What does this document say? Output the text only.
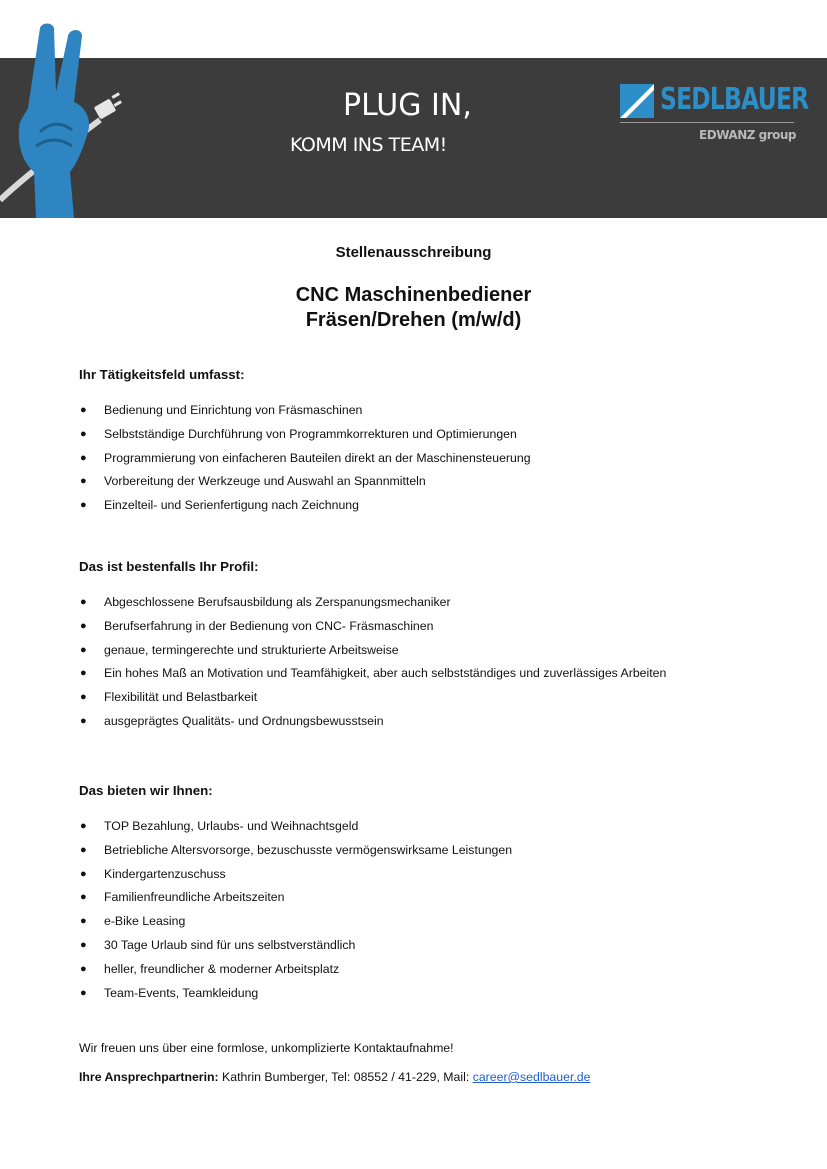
PLUG IN,
KOMM INS TEAM!
SEDLBAUER
EDWANZ group
Stellenausschreibung
CNC Maschinenbediener
Fräsen/Drehen (m/w/d)
Ihr Tätigkeitsfeld umfasst:
● Bedienung und Einrichtung von Fräsmaschinen
● Selbstständige Durchführung von Programmkorrekturen und Optimierungen
● Programmierung von einfacheren Bauteilen direkt an der Maschinensteuerung
● Vorbereitung der Werkzeuge und Auswahl an Spannmitteln
● Einzelteil- und Serienfertigung nach Zeichnung
Das ist bestenfalls Ihr Profil:
● Abgeschlossene Berufsausbildung als Zerspanungsmechaniker
● Berufserfahrung in der Bedienung von CNC- Fräsmaschinen
● genaue, termingerechte und strukturierte Arbeitsweise
● Ein hohes Maß an Motivation und Teamfähigkeit, aber auch selbstständiges und zuverlässiges Arbeiten
● Flexibilität und Belastbarkeit
● ausgeprägtes Qualitäts- und Ordnungsbewusstsein
Das bieten wir Ihnen:
● TOP Bezahlung, Urlaubs- und Weihnachtsgeld
● Betriebliche Altersvorsorge, bezuschusste vermögenswirksame Leistungen
● Kindergartenzuschuss
● Familienfreundliche Arbeitszeiten
● e-Bike Leasing
● 30 Tage Urlaub sind für uns selbstverständlich
● heller, freundlicher & moderner Arbeitsplatz
● Team-Events, Teamkleidung
Wir freuen uns über eine formlose, unkomplizierte Kontaktaufnahme!
Ihre Ansprechpartnerin: Kathrin Bumberger, Tel: 08552 / 41-229, Mail: career@sedlbauer.de
